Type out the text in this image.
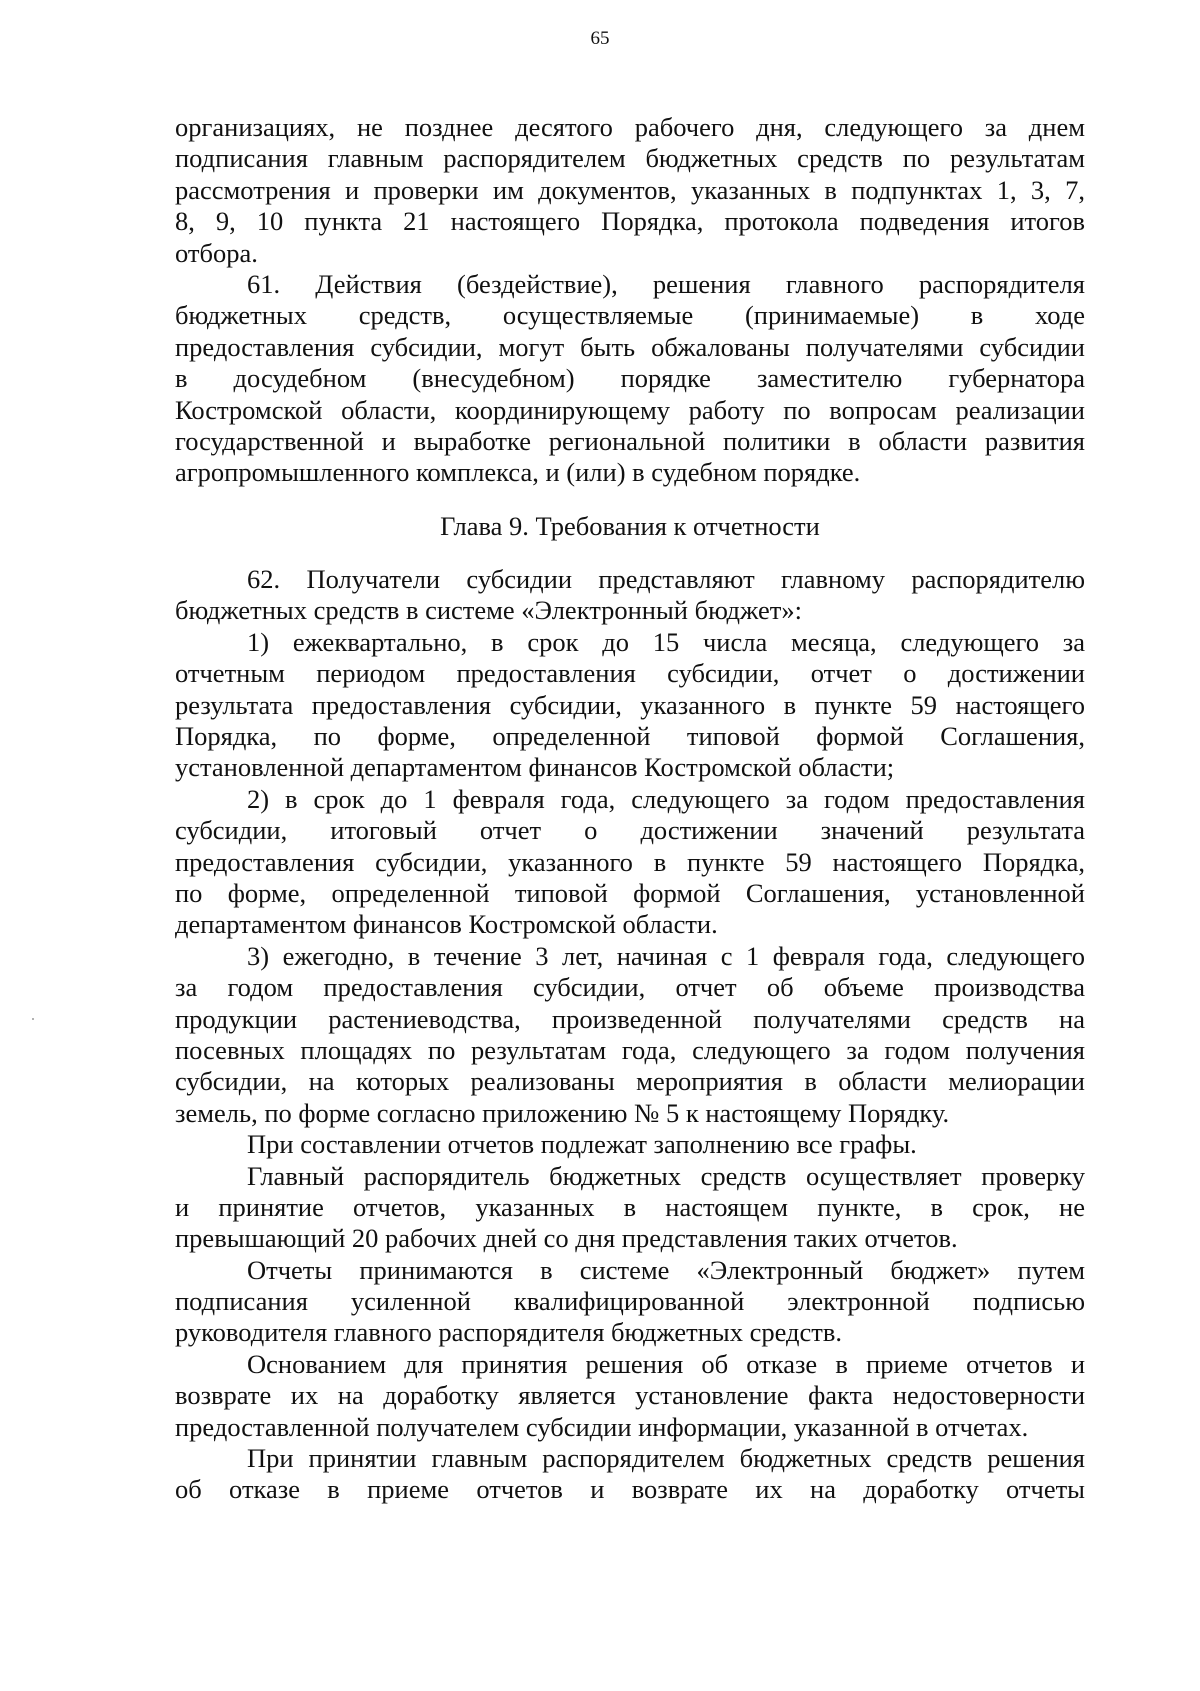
65
организациях, не позднее десятого рабочего дня, следующего за днем
подписания главным распорядителем бюджетных средств по результатам
рассмотрения и проверки им документов, указанных в подпунктах 1, 3, 7,
8, 9, 10 пункта 21 настоящего Порядка, протокола подведения итогов
отбора.
61. Действия (бездействие), решения главного распорядителя
бюджетных средств, осуществляемые (принимаемые) в ходе
предоставления субсидии, могут быть обжалованы получателями субсидии
в досудебном (внесудебном) порядке заместителю губернатора
Костромской области, координирующему работу по вопросам реализации
государственной и выработке региональной политики в области развития
агропромышленного комплекса, и (или) в судебном порядке.
Глава 9. Требования к отчетности
62. Получатели субсидии представляют главному распорядителю
бюджетных средств в системе «Электронный бюджет»:
1) ежеквартально, в срок до 15 числа месяца, следующего за
отчетным периодом предоставления субсидии, отчет о достижении
результата предоставления субсидии, указанного в пункте 59 настоящего
Порядка, по форме, определенной типовой формой Соглашения,
установленной департаментом финансов Костромской области;
2) в срок до 1 февраля года, следующего за годом предоставления
субсидии, итоговый отчет о достижении значений результата
предоставления субсидии, указанного в пункте 59 настоящего Порядка,
по форме, определенной типовой формой Соглашения, установленной
департаментом финансов Костромской области.
3) ежегодно, в течение 3 лет, начиная с 1 февраля года, следующего
за годом предоставления субсидии, отчет об объеме производства
продукции растениеводства, произведенной получателями средств на
посевных площадях по результатам года, следующего за годом получения
субсидии, на которых реализованы мероприятия в области мелиорации
земель, по форме согласно приложению № 5 к настоящему Порядку.
При составлении отчетов подлежат заполнению все графы.
Главный распорядитель бюджетных средств осуществляет проверку
и принятие отчетов, указанных в настоящем пункте, в срок, не
превышающий 20 рабочих дней со дня представления таких отчетов.
Отчеты принимаются в системе «Электронный бюджет» путем
подписания усиленной квалифицированной электронной подписью
руководителя главного распорядителя бюджетных средств.
Основанием для принятия решения об отказе в приеме отчетов и
возврате их на доработку является установление факта недостоверности
предоставленной получателем субсидии информации, указанной в отчетах.
При принятии главным распорядителем бюджетных средств решения
об отказе в приеме отчетов и возврате их на доработку отчеты
